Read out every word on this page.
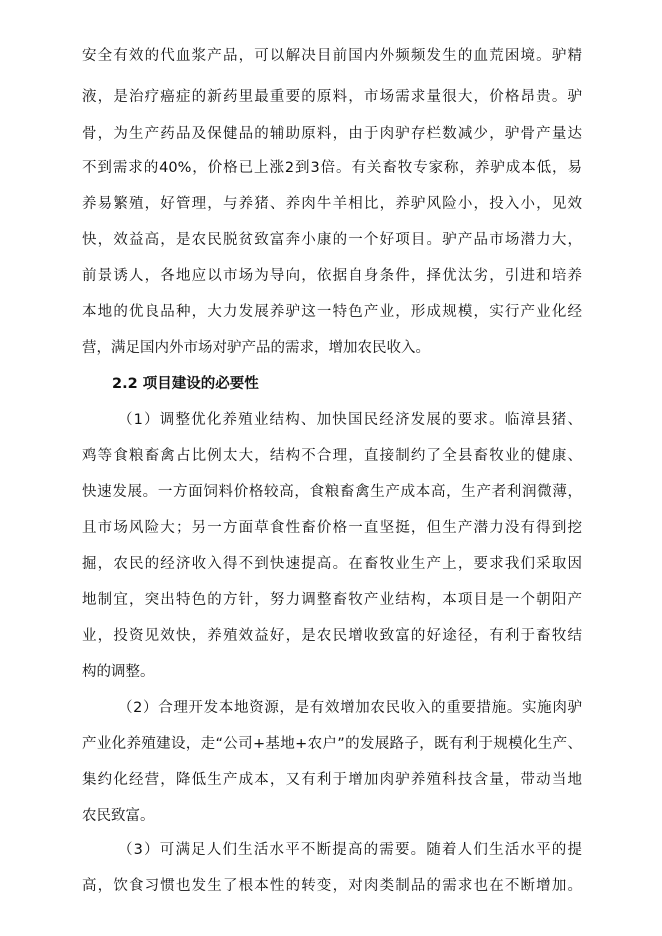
安全有效的代血浆产品，可以解决目前国内外频频发生的血荒困境。驴精
液，是治疗癌症的新药里最重要的原料，市场需求量很大，价格昂贵。驴
骨，为生产药品及保健品的辅助原料，由于肉驴存栏数减少，驴骨产量达
不到需求的40%，价格已上涨2到3倍。有关畜牧专家称，养驴成本低，易
养易繁殖，好管理，与养猪、养肉牛羊相比，养驴风险小，投入小，见效
快，效益高，是农民脱贫致富奔小康的一个好项目。驴产品市场潜力大，
前景诱人，各地应以市场为导向，依据自身条件，择优汰劣，引进和培养
本地的优良品种，大力发展养驴这一特色产业，形成规模，实行产业化经
营，满足国内外市场对驴产品的需求，增加农民收入。
2.2 项目建设的必要性
（1）调整优化养殖业结构、加快国民经济发展的要求。临漳县猪、
鸡等食粮畜禽占比例太大，结构不合理，直接制约了全县畜牧业的健康、
快速发展。一方面饲料价格较高，食粮畜禽生产成本高，生产者利润微薄，
且市场风险大；另一方面草食性畜价格一直坚挺，但生产潜力没有得到挖
掘，农民的经济收入得不到快速提高。在畜牧业生产上，要求我们采取因
地制宜，突出特色的方针，努力调整畜牧产业结构，本项目是一个朝阳产
业，投资见效快，养殖效益好，是农民增收致富的好途径，有利于畜牧结
构的调整。
（2）合理开发本地资源，是有效增加农民收入的重要措施。实施肉驴
产业化养殖建设，走“公司+基地+农户”的发展路子，既有利于规模化生产、
集约化经营，降低生产成本，又有利于增加肉驴养殖科技含量，带动当地
农民致富。
（3）可满足人们生活水平不断提高的需要。随着人们生活水平的提
高，饮食习惯也发生了根本性的转变，对肉类制品的需求也在不断增加。
